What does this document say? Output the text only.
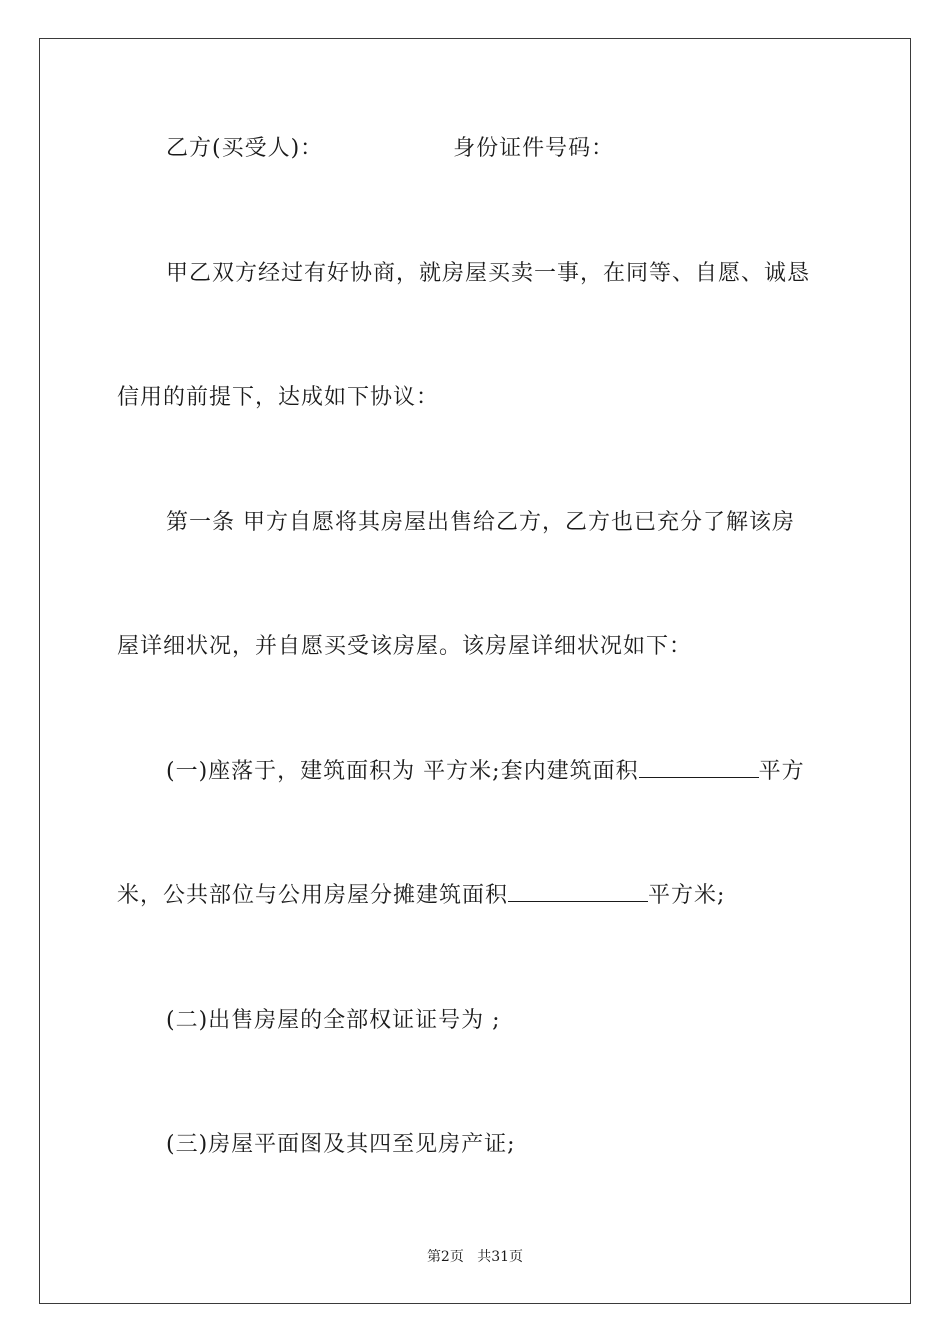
乙方(买受人)：	身份证件号码：
甲乙双方经过有好协商，就房屋买卖一事，在同等、自愿、诚恳
信用的前提下，达成如下协议：
第一条 甲方自愿将其房屋出售给乙方，乙方也已充分了解该房
屋详细状况，并自愿买受该房屋。该房屋详细状况如下：
(一)座落于，建筑面积为 平方米;套内建筑面积	平方
米，公共部位与公用房屋分摊建筑面积	平方米;
(二)出售房屋的全部权证证号为 ;
(三)房屋平面图及其四至见房产证;
第2页 共31页
